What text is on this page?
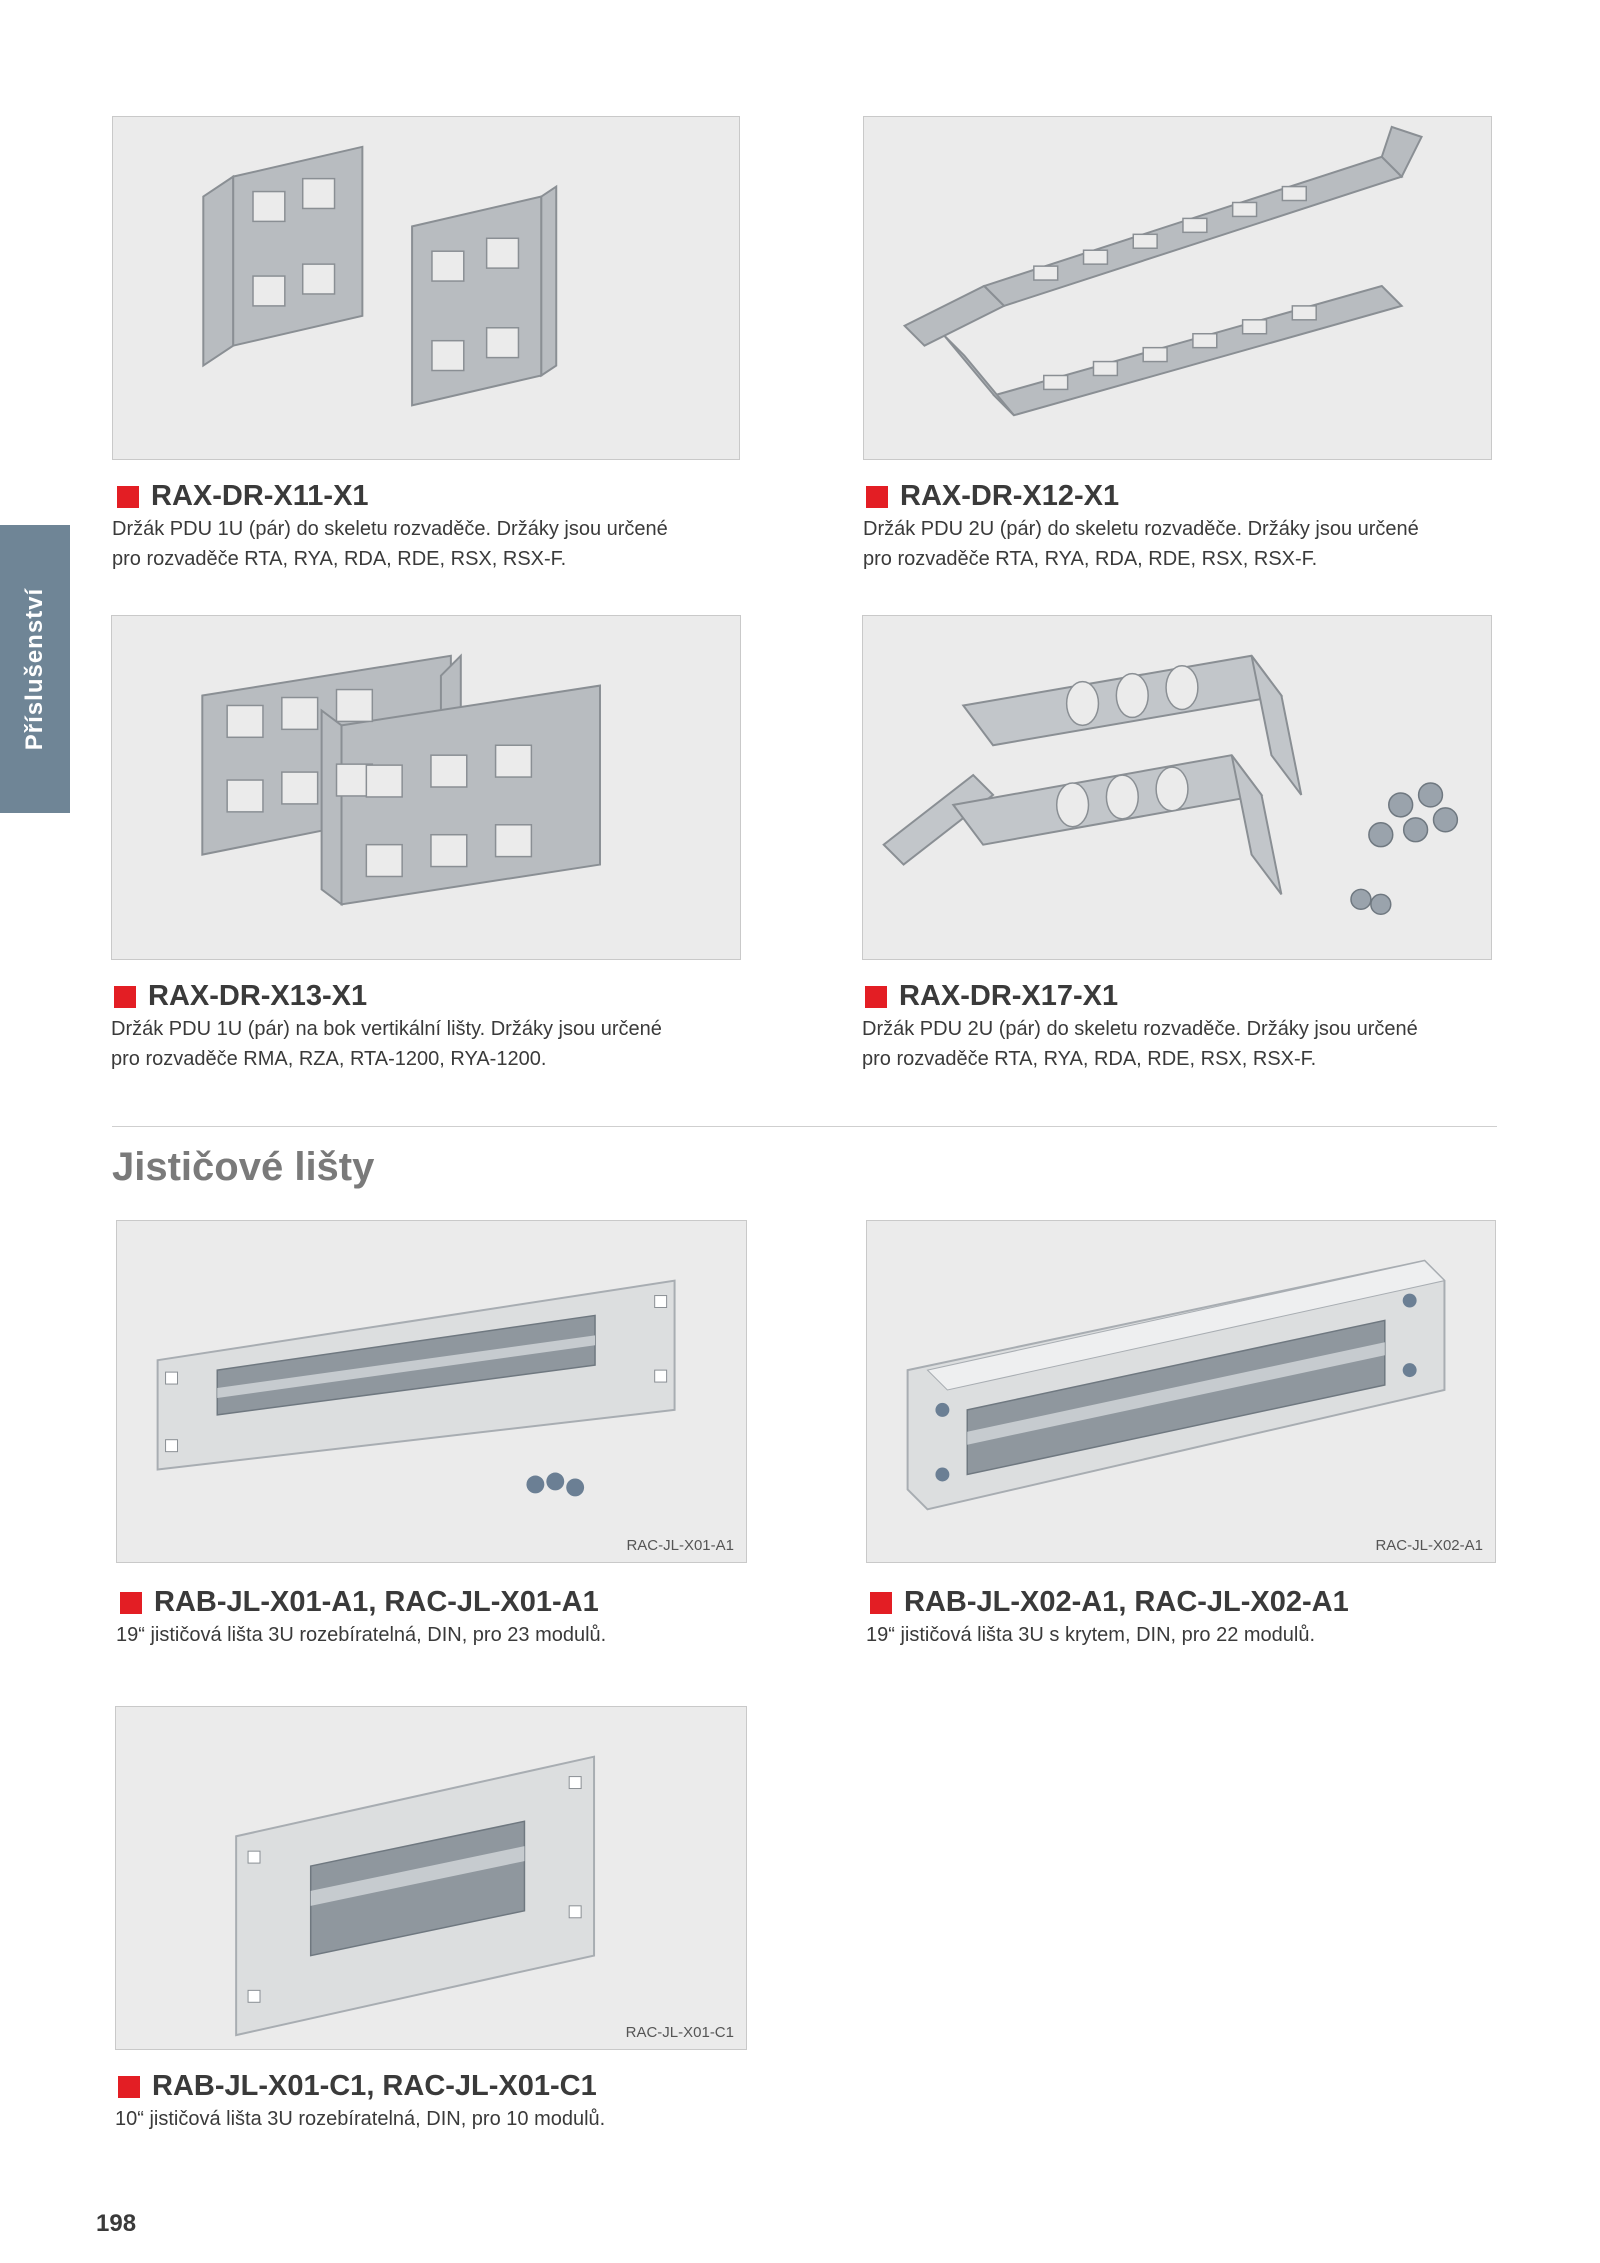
Příslušenství
RAX-DR-X11-X1
Držák PDU 1U (pár) do skeletu rozvaděče. Držáky jsou určené
pro rozvaděče RTA, RYA, RDA, RDE, RSX, RSX-F.
RAX-DR-X12-X1
Držák PDU 2U (pár) do skeletu rozvaděče. Držáky jsou určené
pro rozvaděče RTA, RYA, RDA, RDE, RSX, RSX-F.
RAX-DR-X13-X1
Držák PDU 1U (pár) na bok vertikální lišty. Držáky jsou určené
pro rozvaděče RMA, RZA, RTA-1200, RYA-1200.
RAX-DR-X17-X1
Držák PDU 2U (pár) do skeletu rozvaděče. Držáky jsou určené
pro rozvaděče RTA, RYA, RDA, RDE, RSX, RSX-F.
Jističové lišty
RAC-JL-X01-A1
RAB-JL-X01-A1, RAC-JL-X01-A1
19“ jističová lišta 3U rozebíratelná, DIN, pro 23 modulů.
RAC-JL-X02-A1
RAB-JL-X02-A1, RAC-JL-X02-A1
19“ jističová lišta 3U s krytem, DIN, pro 22 modulů.
RAC-JL-X01-C1
RAB-JL-X01-C1, RAC-JL-X01-C1
10“ jističová lišta 3U rozebíratelná, DIN, pro 10 modulů.
198
